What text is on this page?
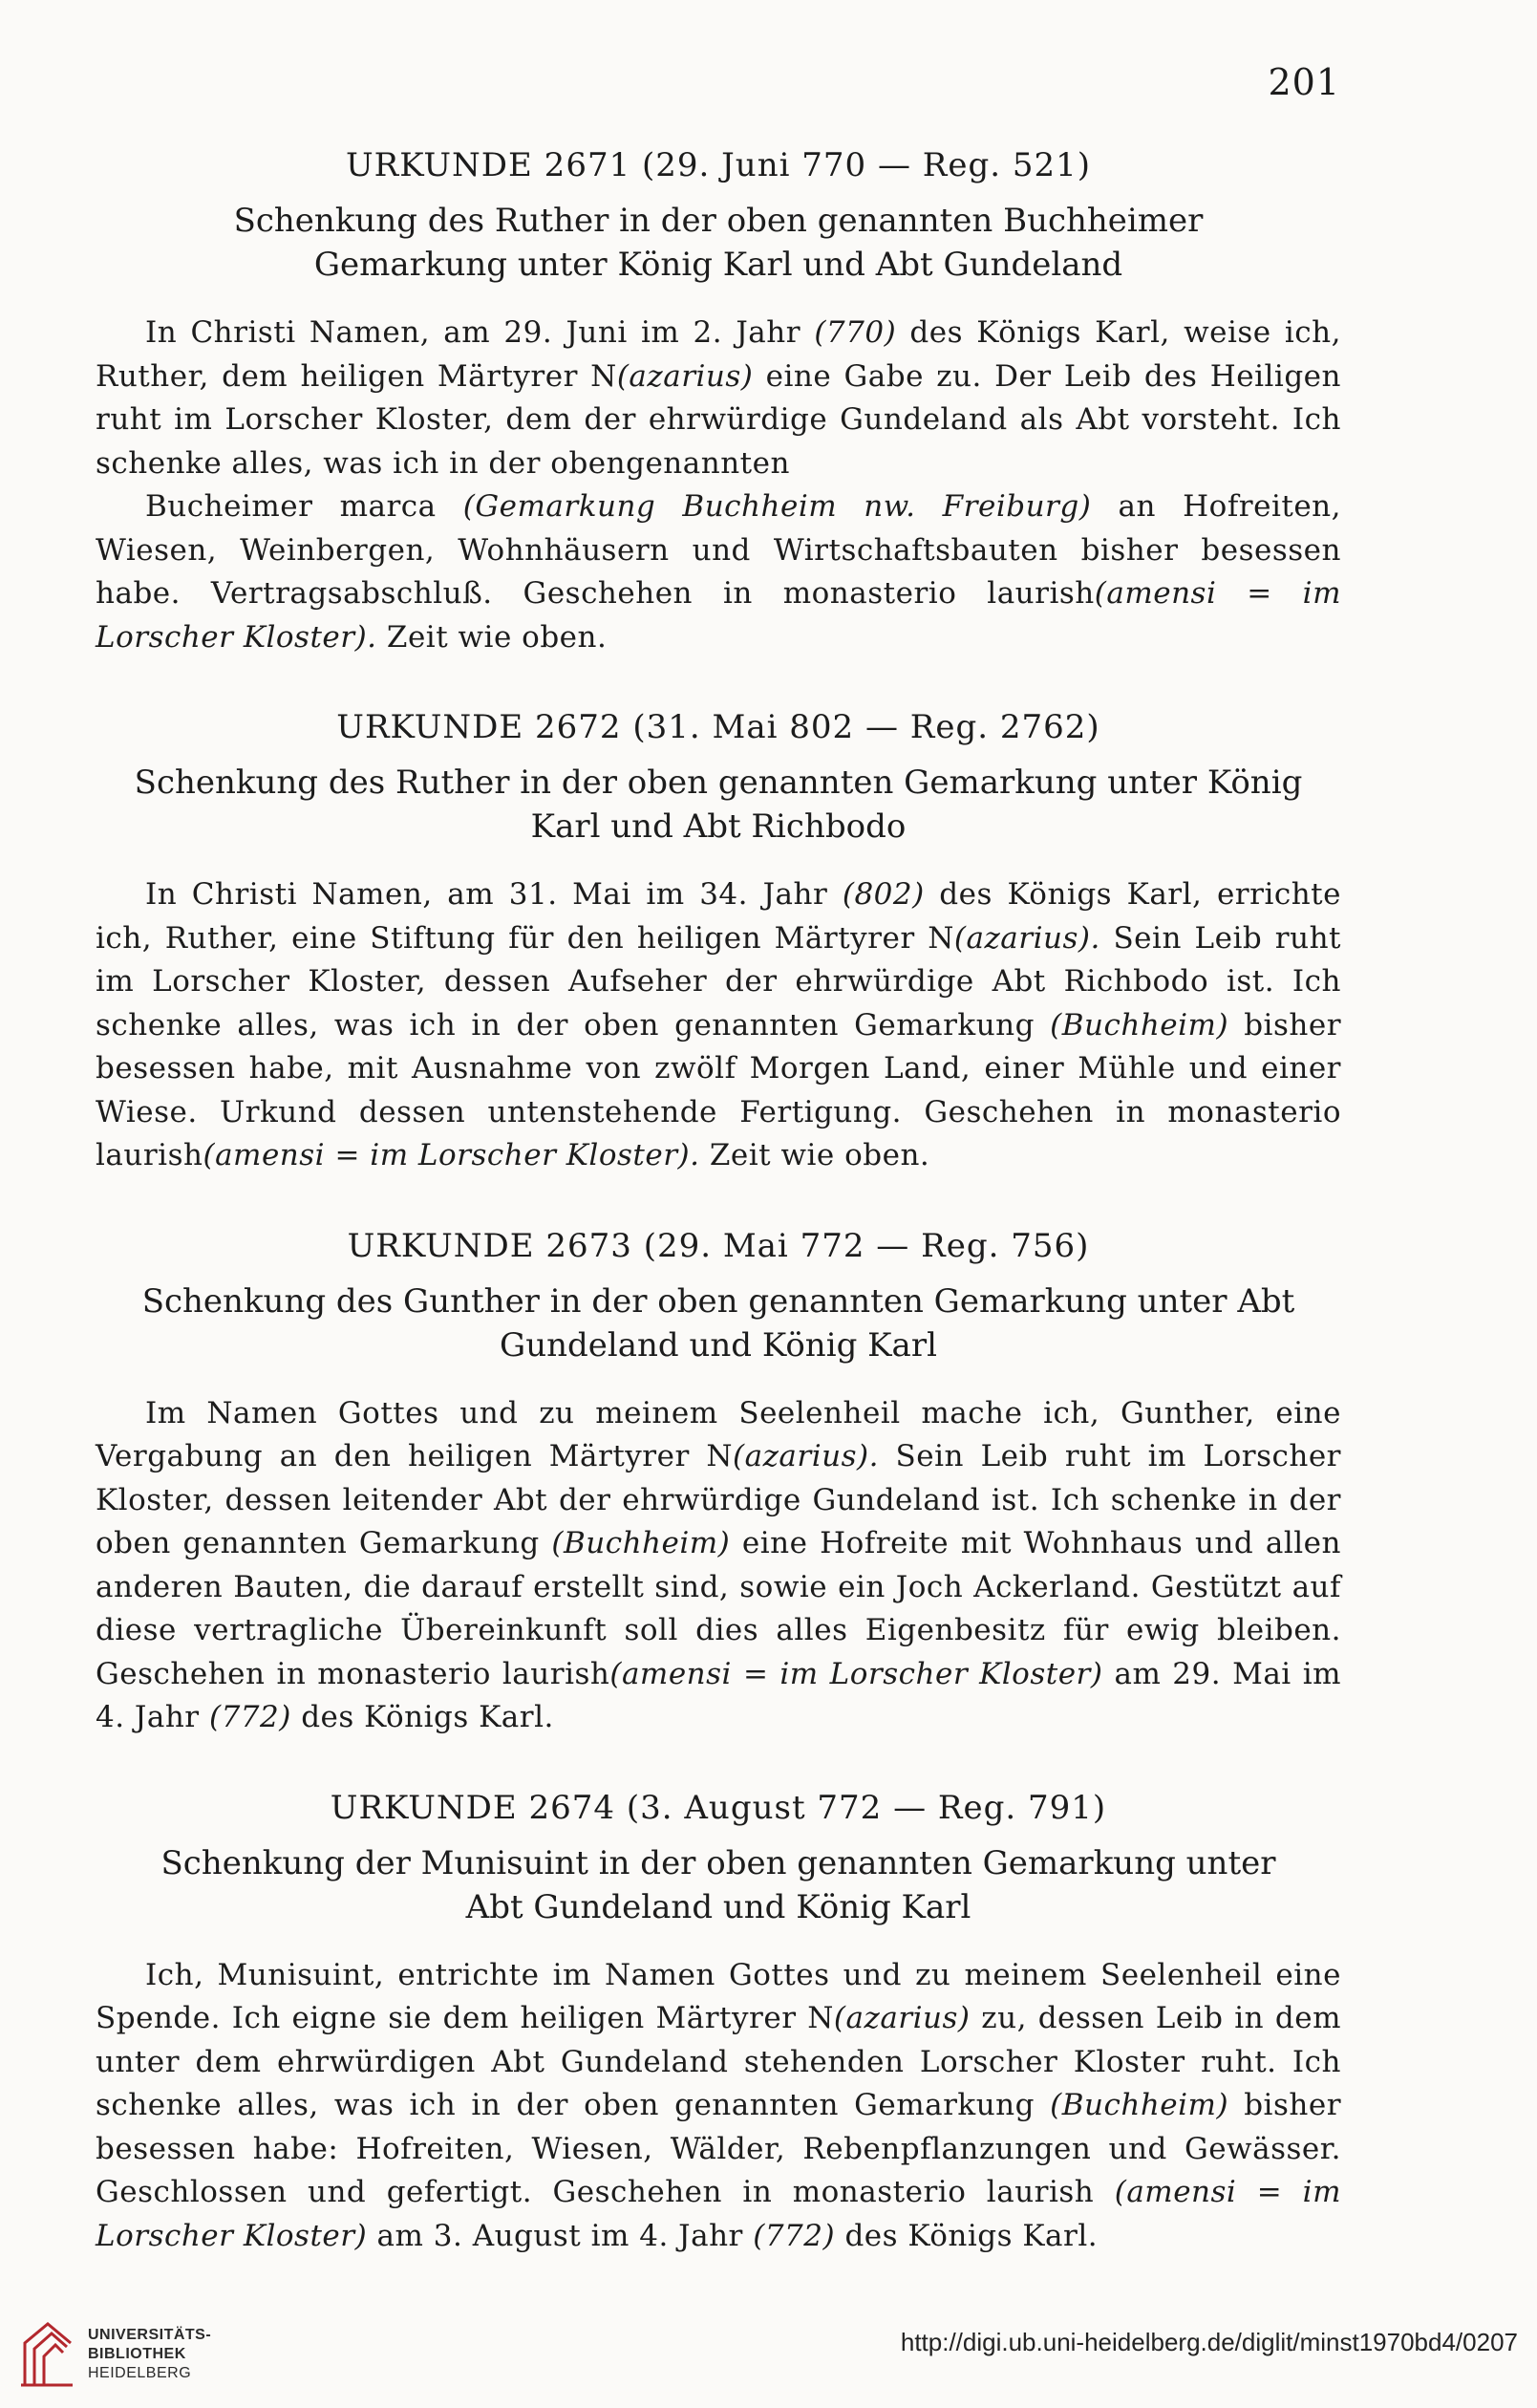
201
URKUNDE 2671 (29. Juni 770 — Reg. 521)
Schenkung des Ruther in der oben genannten Buchheimer Gemarkung unter König Karl und Abt Gundeland

In Christi Namen, am 29. Juni im 2. Jahr (770) des Königs Karl, weise ich, Ruther, dem heiligen Märtyrer N(azarius) eine Gabe zu. Der Leib des Heiligen ruht im Lorscher Kloster, dem der ehrwürdige Gundeland als Abt vorsteht. Ich schenke alles, was ich in der obengenannten

Bucheimer marca (Gemarkung Buchheim nw. Freiburg) an Hofreiten, Wiesen, Weinbergen, Wohnhäusern und Wirtschaftsbauten bisher besessen habe. Vertragsabschluß. Geschehen in monasterio laurish(amensi = im Lorscher Kloster). Zeit wie oben.

URKUNDE 2672 (31. Mai 802 — Reg. 2762)
Schenkung des Ruther in der oben genannten Gemarkung unter König Karl und Abt Richbodo

In Christi Namen, am 31. Mai im 34. Jahr (802) des Königs Karl, errichte ich, Ruther, eine Stiftung für den heiligen Märtyrer N(azarius). Sein Leib ruht im Lorscher Kloster, dessen Aufseher der ehrwürdige Abt Richbodo ist. Ich schenke alles, was ich in der oben genannten Gemarkung (Buchheim) bisher besessen habe, mit Ausnahme von zwölf Morgen Land, einer Mühle und einer Wiese. Urkund dessen untenstehende Fertigung. Geschehen in monasterio laurish(amensi = im Lorscher Kloster). Zeit wie oben.

URKUNDE 2673 (29. Mai 772 — Reg. 756)
Schenkung des Gunther in der oben genannten Gemarkung unter Abt Gundeland und König Karl

Im Namen Gottes und zu meinem Seelenheil mache ich, Gunther, eine Vergabung an den heiligen Märtyrer N(azarius). Sein Leib ruht im Lorscher Kloster, dessen leitender Abt der ehrwürdige Gundeland ist. Ich schenke in der oben genannten Gemarkung (Buchheim) eine Hofreite mit Wohnhaus und allen anderen Bauten, die darauf erstellt sind, sowie ein Joch Ackerland. Gestützt auf diese vertragliche Übereinkunft soll dies alles Eigenbesitz für ewig bleiben. Geschehen in monasterio laurish(amensi = im Lorscher Kloster) am 29. Mai im 4. Jahr (772) des Königs Karl.

URKUNDE 2674 (3. August 772 — Reg. 791)
Schenkung der Munisuint in der oben genannten Gemarkung unter Abt Gundeland und König Karl

Ich, Munisuint, entrichte im Namen Gottes und zu meinem Seelenheil eine Spende. Ich eigne sie dem heiligen Märtyrer N(azarius) zu, dessen Leib in dem unter dem ehrwürdigen Abt Gundeland stehenden Lorscher Kloster ruht. Ich schenke alles, was ich in der oben genannten Gemarkung (Buchheim) bisher besessen habe: Hofreiten, Wiesen, Wälder, Rebenpflanzungen und Gewässer. Geschlossen und gefertigt. Geschehen in monasterio laurish (amensi = im Lorscher Kloster) am 3. August im 4. Jahr (772) des Königs Karl.

UNIVERSITÄTS-
BIBLIOTHEK
HEIDELBERG
http://digi.ub.uni-heidelberg.de/diglit/minst1970bd4/0207
